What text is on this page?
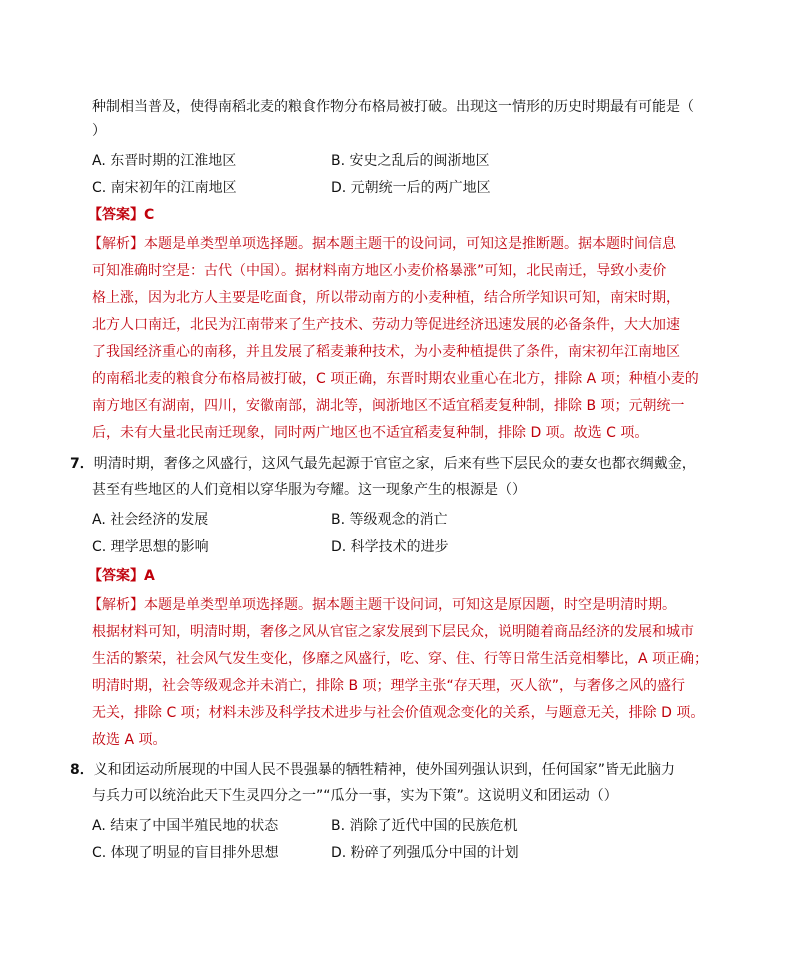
种制相当普及，使得南稻北麦的粮食作物分布格局被打破。出现这一情形的历史时期最有可能是（
）
A. 东晋时期的江淮地区	B. 安史之乱后的闽浙地区
C. 南宋初年的江南地区	D. 元朝统一后的两广地区
【答案】C
【解析】本题是单类型单项选择题。据本题主题干的设问词，可知这是推断题。据本题时间信息
可知准确时空是：古代（中国）。据材料南方地区小麦价格暴涨”可知，北民南迁，导致小麦价
格上涨，因为北方人主要是吃面食，所以带动南方的小麦种植，结合所学知识可知，南宋时期，
北方人口南迁，北民为江南带来了生产技术、劳动力等促进经济迅速发展的必备条件，大大加速
了我国经济重心的南移，并且发展了稻麦兼种技术，为小麦种植提供了条件，南宋初年江南地区
的南稻北麦的粮食分布格局被打破，C 项正确，东晋时期农业重心在北方，排除 A 项；种植小麦的
南方地区有湖南，四川，安徽南部，湖北等，闽浙地区不适宜稻麦复种制，排除 B 项；元朝统一
后，未有大量北民南迁现象，同时两广地区也不适宜稻麦复种制，排除 D 项。故选 C 项。
7．明清时期，奢侈之风盛行，这风气最先起源于官宦之家，后来有些下层民众的妻女也都衣绸戴金，
甚至有些地区的人们竟相以穿华服为夸耀。这一现象产生的根源是（）
A. 社会经济的发展	B. 等级观念的消亡
C. 理学思想的影响	D. 科学技术的进步
【答案】A
【解析】本题是单类型单项选择题。据本题主题干设问词，可知这是原因题，时空是明清时期。
根据材料可知，明清时期，奢侈之风从官宦之家发展到下层民众，说明随着商品经济的发展和城市
生活的繁荣，社会风气发生变化，侈靡之风盛行，吃、穿、住、行等日常生活竞相攀比，A 项正确；
明清时期，社会等级观念并未消亡，排除 B 项；理学主张“存天理，灭人欲”，与奢侈之风的盛行
无关，排除 C 项；材料未涉及科学技术进步与社会价值观念变化的关系，与题意无关，排除 D 项。
故选 A 项。
8．义和团运动所展现的中国人民不畏强暴的牺牲精神，使外国列强认识到，任何国家”皆无此脑力
与兵力可以统治此天下生灵四分之一”“瓜分一事，实为下策”。这说明义和团运动（）
A. 结束了中国半殖民地的状态	B. 消除了近代中国的民族危机
C. 体现了明显的盲目排外思想	D. 粉碎了列强瓜分中国的计划
